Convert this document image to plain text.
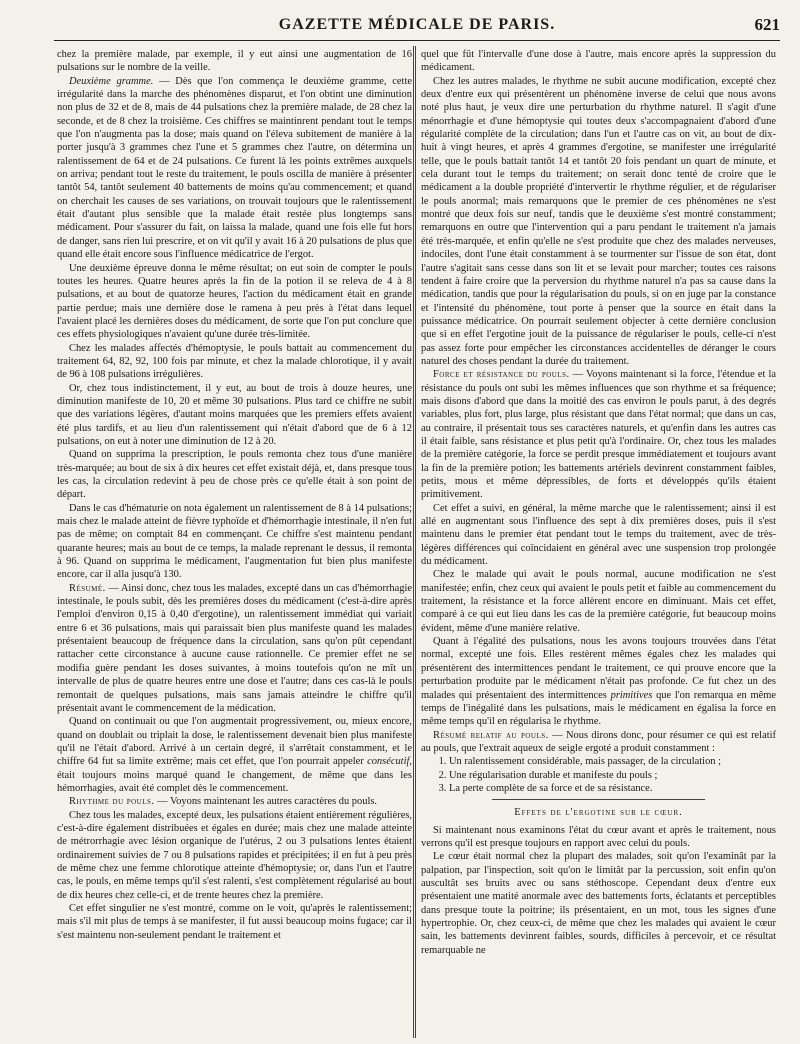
GAZETTE MÉDICALE DE PARIS.	621

chez la première malade, par exemple, il y eut ainsi une augmentation de 16 pulsations sur le nombre de la veille.

Deuxième gramme. — Dès que l'on commença le deuxième gramme, cette irrégularité dans la marche des phénomènes disparut, et l'on obtint une diminution non plus de 32 et de 8, mais de 44 pulsations chez la première malade, de 28 chez la seconde, et de 8 chez la troisième. Ces chiffres se maintinrent pendant tout le temps que l'on n'augmenta pas la dose; mais quand on l'éleva subitement de manière à la porter jusqu'à 3 grammes chez l'une et 5 grammes chez l'autre, on détermina un ralentissement de 64 et de 24 pulsations. Ce furent là les points extrêmes auxquels on arriva; pendant tout le reste du traitement, le pouls oscilla de manière à présenter tantôt 54, tantôt seulement 40 battements de moins qu'au commencement; et quand on cherchait les causes de ses variations, on trouvait toujours que le ralentissement était d'autant plus sensible que la malade était restée plus longtemps sans médicament. Pour s'assurer du fait, on laissa la malade, quand une fois elle fut hors de danger, sans rien lui prescrire, et on vit qu'il y avait 16 à 20 pulsations de plus que quand elle était encore sous l'influence médicatrice de l'ergot.

Une deuxième épreuve donna le même résultat; on eut soin de compter le pouls toutes les heures. Quatre heures après la fin de la potion il se releva de 4 à 8 pulsations, et au bout de quatorze heures, l'action du médicament était en grande partie perdue; mais une dernière dose le ramena à peu près à l'état dans lequel l'avaient placé les dernières doses du médicament, de sorte que l'on put conclure que ces effets physiologiques n'avaient qu'une durée très-limitée.

Chez les malades affectés d'hémoptysie, le pouls battait au commencement du traitement 64, 82, 92, 100 fois par minute, et chez la malade chlorotique, il y avait de 96 à 108 pulsations irrégulières.

Or, chez tous indistinctement, il y eut, au bout de trois à douze heures, une diminution manifeste de 10, 20 et même 30 pulsations. Plus tard ce chiffre ne subit que des variations légères, d'autant moins marquées que les premiers effets avaient été plus tardifs, et au lieu d'un ralentissement qui n'était d'abord que de 6 à 12 pulsations, on eut à noter une diminution de 12 à 20.

Quand on supprima la prescription, le pouls remonta chez tous d'une manière très-marquée; au bout de six à dix heures cet effet existait déjà, et, dans presque tous les cas, la circulation redevint à peu de chose près ce qu'elle était à son point de départ.

Dans le cas d'hématurie on nota également un ralentissement de 8 à 14 pulsations; mais chez le malade atteint de fièvre typhoïde et d'hémorrhagie intestinale, il n'en fut pas de même; on comptait 84 en commençant. Ce chiffre s'est maintenu pendant quarante heures; mais au bout de ce temps, la malade reprenant le dessus, il remonta à 96. Quand on supprima le médicament, l'augmentation fut bien plus manifeste encore, car il alla jusqu'à 130.

Résumé. — Ainsi donc, chez tous les malades, excepté dans un cas d'hémorrhagie intestinale, le pouls subit, dès les premières doses du médicament (c'est-à-dire après l'emploi d'environ 0,15 à 0,40 d'ergotine), un ralentissement immédiat qui variait entre 6 et 36 pulsations, mais qui paraissait bien plus manifeste quand les malades présentaient beaucoup de fréquence dans la circulation, sans qu'on pût cependant rattacher cette circonstance à aucune cause rationnelle. Ce premier effet ne se modifia guère pendant les doses suivantes, à moins toutefois qu'on ne mît un intervalle de plus de quatre heures entre une dose et l'autre; dans ces cas-là le pouls remontait de quelques pulsations, mais sans jamais atteindre le chiffre qu'il présentait avant le commencement de la médication.

Quand on continuait ou que l'on augmentait progressivement, ou, mieux encore, quand on doublait ou triplait la dose, le ralentissement devenait bien plus manifeste qu'il ne l'était d'abord. Arrivé à un certain degré, il s'arrêtait constamment, et le chiffre 64 fut sa limite extrême; mais cet effet, que l'on pourrait appeler consécutif, était toujours moins marqué quand le changement, de même que dans les hémorrhagies, avait été complet dès le commencement.

Rhythme du pouls. — Voyons maintenant les autres caractères du pouls.

Chez tous les malades, excepté deux, les pulsations étaient entièrement régulières, c'est-à-dire également distribuées et égales en durée; mais chez une malade atteinte de métrorrhagie avec lésion organique de l'utérus, 2 ou 3 pulsations lentes étaient ordinairement suivies de 7 ou 8 pulsations rapides et précipitées; il en fut à peu près de même chez une femme chlorotique atteinte d'hémoptysie; or, dans l'un et l'autre cas, le pouls, en même temps qu'il s'est ralenti, s'est complètement régularisé au bout de dix heures chez celle-ci, et de trente heures chez la première.

Cet effet singulier ne s'est montré, comme on le voit, qu'après le ralentissement; mais s'il mit plus de temps à se manifester, il fut aussi beaucoup moins fugace; car il s'est maintenu non-seulement pendant le traitement et

quel que fût l'intervalle d'une dose à l'autre, mais encore après la suppression du médicament.

Chez les autres malades, le rhythme ne subit aucune modification, excepté chez deux d'entre eux qui présentèrent un phénomène inverse de celui que nous avons noté plus haut, je veux dire une perturbation du rhythme naturel. Il s'agit d'une ménorrhagie et d'une hémoptysie qui toutes deux s'accompagnaient d'abord d'une régularité complète de la circulation; dans l'un et l'autre cas on vit, au bout de dix-huit à vingt heures, et après 4 grammes d'ergotine, se manifester une irrégularité telle, que le pouls battait tantôt 14 et tantôt 20 fois pendant un quart de minute, et cela durant tout le temps du traitement; on serait donc tenté de croire que le médicament a la double propriété d'intervertir le rhythme régulier, et de régulariser le pouls anormal; mais remarquons que le premier de ces phénomènes ne s'est montré que deux fois sur neuf, tandis que le deuxième s'est montré constamment; remarquons en outre que l'intervention qui a paru pendant le traitement n'a jamais été très-marquée, et enfin qu'elle ne s'est produite que chez des malades nerveuses, indociles, dont l'une était constamment à se tourmenter sur l'issue de son état, dont l'autre s'agitait sans cesse dans son lit et se levait pour marcher; toutes ces raisons tendent à faire croire que la perversion du rhythme naturel n'a pas sa cause dans la médication, tandis que pour la régularisation du pouls, si on en juge par la constance et l'intensité du phénomène, tout porte à penser que la source en était dans la puissance médicatrice. On pourrait seulement objecter à cette dernière conclusion que si en effet l'ergotine jouit de la puissance de régulariser le pouls, celle-ci n'est pas assez forte pour empêcher les circonstances accidentelles de déranger le cours naturel des choses pendant la durée du traitement.

Force et résistance du pouls. — Voyons maintenant si la force, l'étendue et la résistance du pouls ont subi les mêmes influences que son rhythme et sa fréquence; mais disons d'abord que dans la moitié des cas environ le pouls parut, à des degrés variables, plus fort, plus large, plus résistant que dans l'état normal; que dans un cas, au contraire, il présentait tous ses caractères naturels, et qu'enfin dans les autres cas il était faible, sans résistance et plus petit qu'à l'ordinaire. Or, chez tous les malades de la première catégorie, la force se perdit presque immédiatement et toujours avant la fin de la première potion; les battements artériels devinrent constamment faibles, petits, mous et même dépressibles, de forts et développés qu'ils étaient primitivement.

Cet effet a suivi, en général, la même marche que le ralentissement; ainsi il est allé en augmentant sous l'influence des sept à dix premières doses, puis il s'est maintenu dans le premier état pendant tout le temps du traitement, avec de très-légères différences qui coïncidaient en général avec une suspension trop prolongée du médicament.

Chez le malade qui avait le pouls normal, aucune modification ne s'est manifestée; enfin, chez ceux qui avaient le pouls petit et faible au commencement du traitement, la résistance et la force allèrent encore en diminuant. Mais cet effet, comparé à ce qui eut lieu dans les cas de la première catégorie, fut beaucoup moins évident, même d'une manière relative.

Quant à l'égalité des pulsations, nous les avons toujours trouvées dans l'état normal, excepté une fois. Elles restèrent mêmes égales chez les malades qui présentèrent des intermittences pendant le traitement, ce qui prouve encore que la perturbation produite par le médicament n'était pas profonde. Ce fut chez un des malades qui présentaient des intermittences primitives que l'on remarqua en même temps de l'inégalité dans les pulsations, mais le médicament en égalisa la force en même temps qu'il en régularisa le rhythme.

Résumé relatif au pouls. — Nous dirons donc, pour résumer ce qui est relatif au pouls, que l'extrait aqueux de seigle ergoté a produit constamment :

1. Un ralentissement considérable, mais passager, de la circulation ;
2. Une régularisation durable et manifeste du pouls ;
3. La perte complète de sa force et de sa résistance.
Effets de l'ergotine sur le cœur.

Si maintenant nous examinons l'état du cœur avant et après le traitement, nous verrons qu'il est presque toujours en rapport avec celui du pouls.

Le cœur était normal chez la plupart des malades, soit qu'on l'examinât par la palpation, par l'inspection, soit qu'on le limitât par la percussion, soit enfin qu'on auscultât ses bruits avec ou sans stéthoscope. Cependant deux d'entre eux présentaient une matité anormale avec des battements forts, éclatants et perceptibles dans presque toute la poitrine; ils présentaient, en un mot, tous les signes d'une hypertrophie. Or, chez ceux-ci, de même que chez les malades qui avaient le cœur sain, les battements devinrent faibles, sourds, difficiles à percevoir, et ce résultat remarquable ne
